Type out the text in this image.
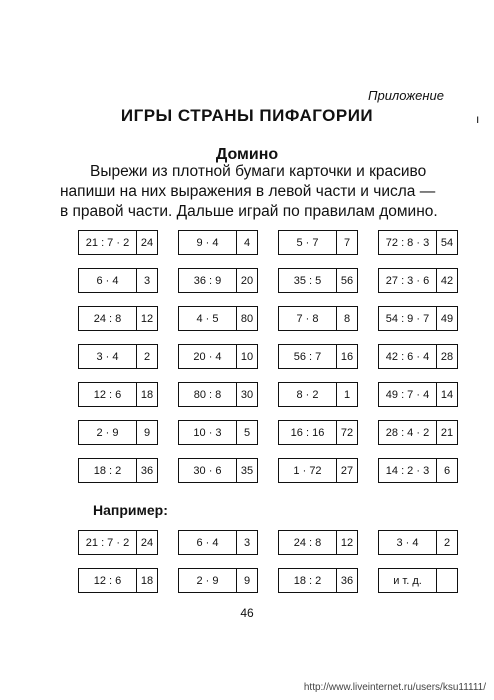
Приложение
ИГРЫ СТРАНЫ ПИФАГОРИИ	ı
Домино
Вырежи из плотной бумаги карточки и красиво
напиши на них выражения в левой части и числа —
в правой части. Дальше играй по правилам домино.
21 : 7 · 2	24	9 · 4	4	5 · 7	7	72 : 8 · 3	54
6 · 4	3	36 : 9	20	35 : 5	56	27 : 3 · 6	42
24 : 8	12	4 · 5	80	7 · 8	8	54 : 9 · 7	49
3 · 4	2	20 · 4	10	56 : 7	16	42 : 6 · 4	28
12 : 6	18	80 : 8	30	8 · 2	1	49 : 7 · 4	14
2 · 9	9	10 · 3	5	16 : 16	72	28 : 4 · 2	21
18 : 2	36	30 · 6	35	1 · 72	27	14 : 2 · 3	6
Например:
21 : 7 · 2	24	6 · 4	3	24 : 8	12	3 · 4	2
12 : 6	18	2 · 9	9	18 : 2	36	и т. д.
46
http://www.liveinternet.ru/users/ksu11111/
